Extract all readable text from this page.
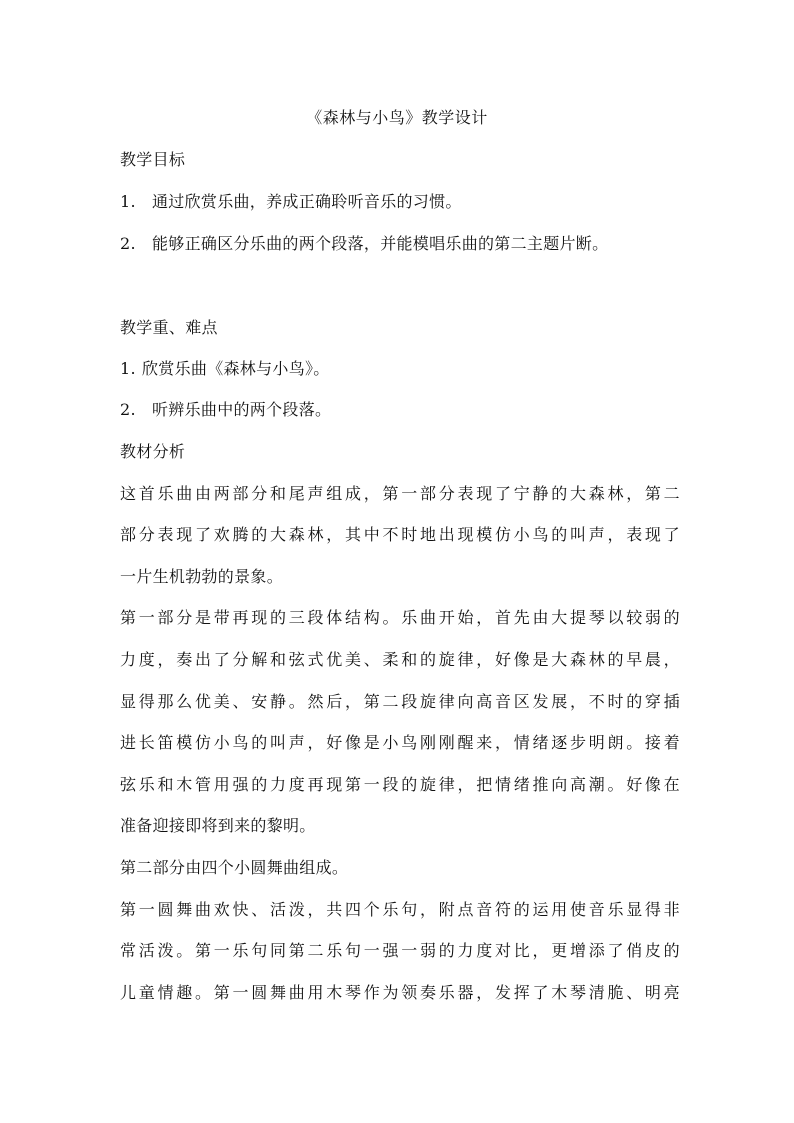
《森林与小鸟》教学设计
教学目标
1. 通过欣赏乐曲，养成正确聆听音乐的习惯。
2. 能够正确区分乐曲的两个段落，并能模唱乐曲的第二主题片断。
教学重、难点
1. 欣赏乐曲《森林与小鸟》。
2. 听辨乐曲中的两个段落。
教材分析
这首乐曲由两部分和尾声组成，第一部分表现了宁静的大森林，第二
部分表现了欢腾的大森林，其中不时地出现模仿小鸟的叫声，表现了
一片生机勃勃的景象。
第一部分是带再现的三段体结构。乐曲开始，首先由大提琴以较弱的
力度，奏出了分解和弦式优美、柔和的旋律，好像是大森林的早晨，
显得那么优美、安静。然后，第二段旋律向高音区发展，不时的穿插
进长笛模仿小鸟的叫声，好像是小鸟刚刚醒来，情绪逐步明朗。接着
弦乐和木管用强的力度再现第一段的旋律，把情绪推向高潮。好像在
准备迎接即将到来的黎明。
第二部分由四个小圆舞曲组成。
第一圆舞曲欢快、活泼，共四个乐句，附点音符的运用使音乐显得非
常活泼。第一乐句同第二乐句一强一弱的力度对比，更增添了俏皮的
儿童情趣。第一圆舞曲用木琴作为领奏乐器，发挥了木琴清脆、明亮
